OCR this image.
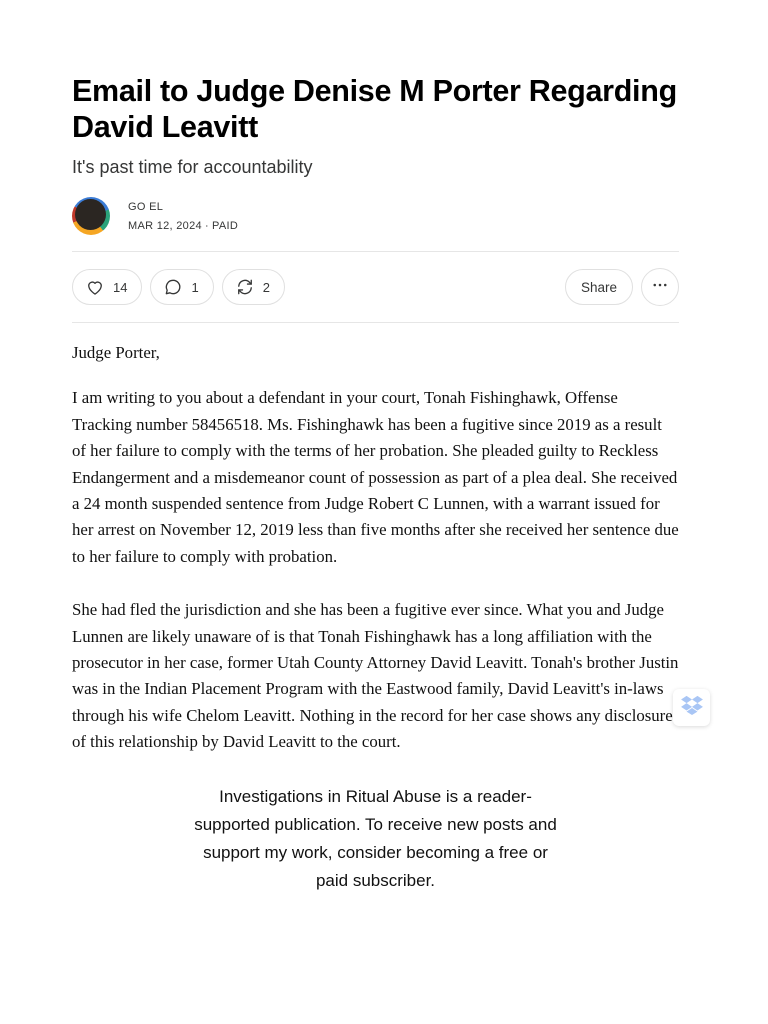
Email to Judge Denise M Porter Regarding David Leavitt
It's past time for accountability
GO EL
MAR 12, 2024 ∙ PAID
14	1	2	Share

Judge Porter,

I am writing to you about a defendant in your court, Tonah Fishinghawk, Offense Tracking number 58456518. Ms. Fishinghawk has been a fugitive since 2019 as a result of her failure to comply with the terms of her probation. She pleaded guilty to Reckless Endangerment and a misdemeanor count of possession as part of a plea deal. She received a 24 month suspended sentence from Judge Robert C Lunnen, with a warrant issued for her arrest on November 12, 2019 less than five months after she received her sentence due to her failure to comply with probation.

She had fled the jurisdiction and she has been a fugitive ever since. What you and Judge Lunnen are likely unaware of is that Tonah Fishinghawk has a long affiliation with the prosecutor in her case, former Utah County Attorney David Leavitt. Tonah's brother Justin was in the Indian Placement Program with the Eastwood family, David Leavitt's in-laws through his wife Chelom Leavitt. Nothing in the record for her case shows any disclosure of this relationship by David Leavitt to the court.

Investigations in Ritual Abuse is a reader-supported publication. To receive new posts and support my work, consider becoming a free or paid subscriber.
